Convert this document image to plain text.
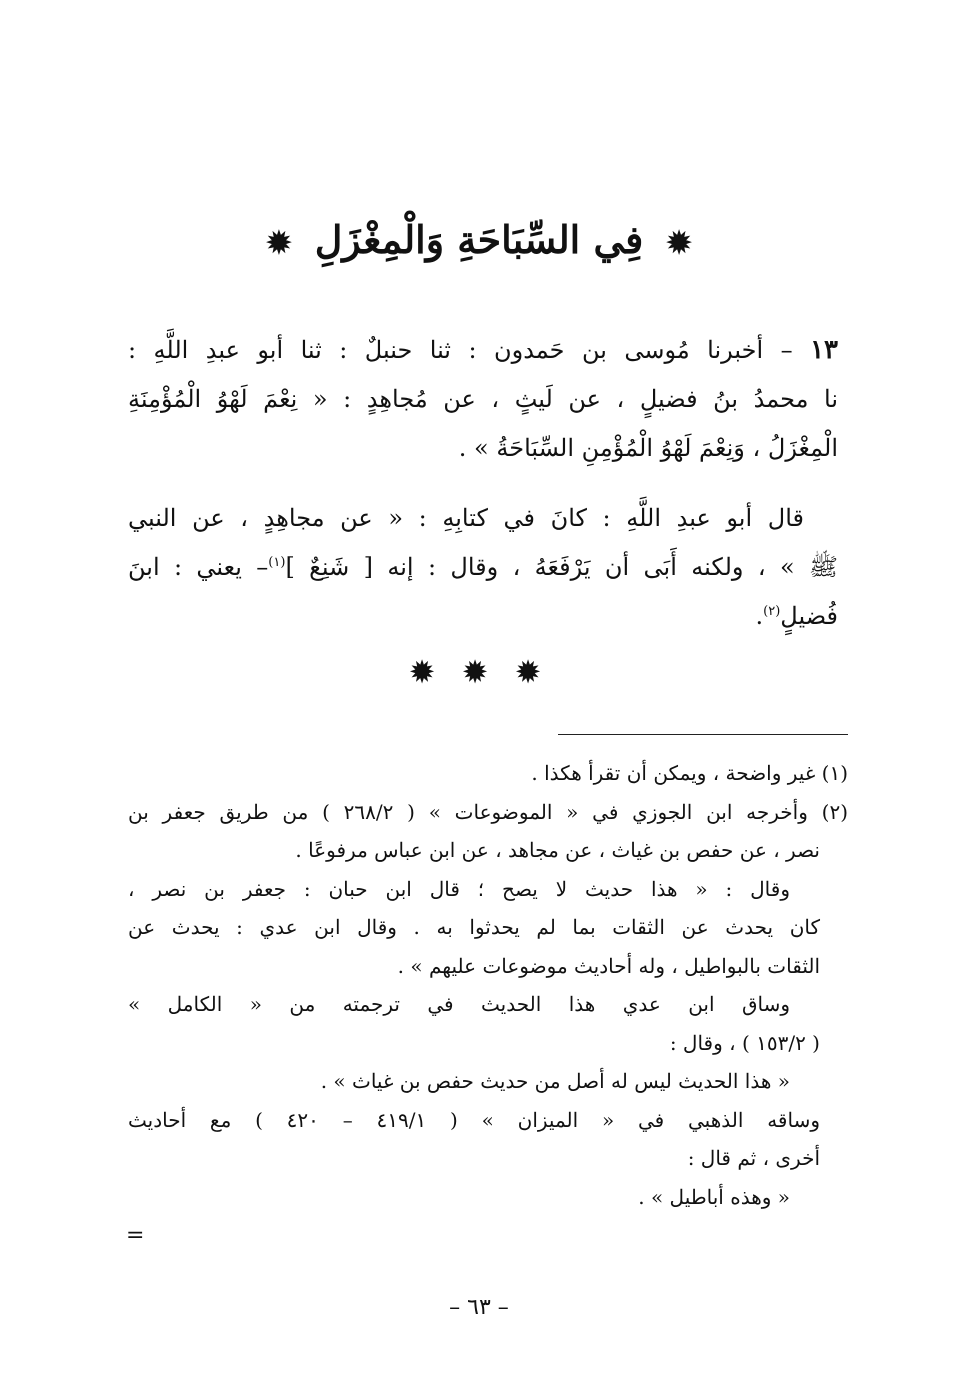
✹ فِي السِّبَاحَةِ وَالْمِغْزَلِ ✹
١٣ – أخبرنا مُوسى بن حَمدون : ثنا حنبلٌ : ثنا أبو عبدِ اللَّهِ :
نا محمدُ بنُ فضيلٍ ، عن لَيثٍ ، عن مُجاهِدٍ : « نِعْمَ لَهْوُ الْمُؤْمِنَةِ
الْمِغْزَلُ ، وَنِعْمَ لَهْوُ الْمُؤْمِنِ السِّبَاحَةُ » .
قال أبو عبدِ اللَّهِ : كانَ في كتابِهِ : « عن مجاهِدٍ ، عن النبي
ﷺ » ، ولكنه أَبَى أن يَرْفَعَهُ ، وقال : إنه [ شَنِعٌ ]$^{(١)}$– يعني : ابنَ
فُضيلٍ$^{(٢)}$.
✹ ✹ ✹
(١) غير واضحة ، ويمكن أن تقرأ هكذا .
(٢) وأخرجه ابن الجوزي في « الموضوعات » ( ٢٦٨/٢ ) من طريق جعفر بن
نصر ، عن حفص بن غياث ، عن مجاهد ، عن ابن عباس مرفوعًا .
وقال : « هذا حديث لا يصح ؛ قال ابن حبان : جعفر بن نصر ،
كان يحدث عن الثقات بما لم يحدثوا به . وقال ابن عدي : يحدث عن
الثقات بالبواطيل ، وله أحاديث موضوعات عليهم » .
وساق ابن عدي هذا الحديث في ترجمته من « الكامل »
( ١٥٣/٢ ) ، وقال :
« هذا الحديث ليس له أصل من حديث حفص بن غياث » .
وساقه الذهبي في « الميزان » ( ٤١٩/١ – ٤٢٠ ) مع أحاديث
أخرى ، ثم قال :
« وهذه أباطيل » .
=
– ٦٣ –
